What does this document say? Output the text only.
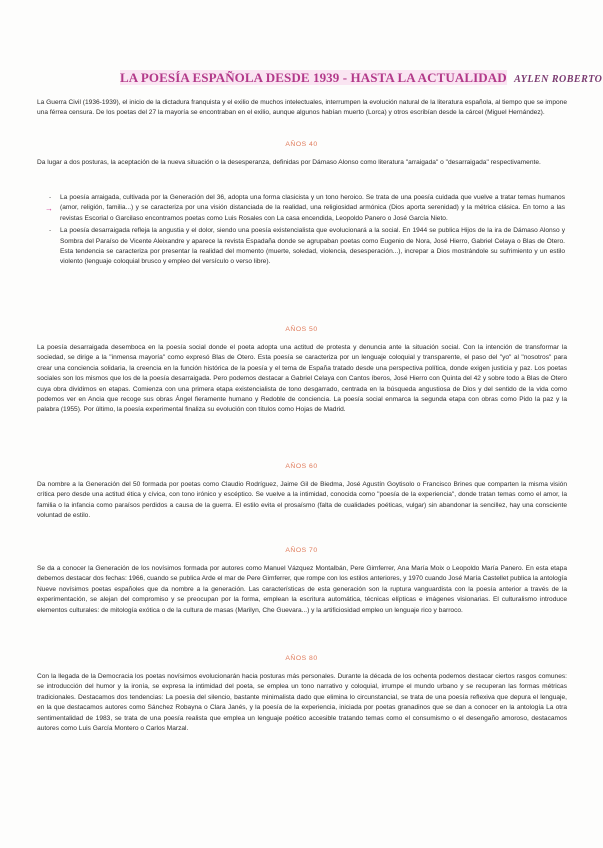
LA POESÍA ESPAÑOLA DESDE 1939 - HASTA LA ACTUALIDAD AYLEN ROBERTO
La Guerra Civil (1936-1939), el inicio de la dictadura franquista y el exilio de muchos intelectuales, interrumpen la evolución natural de la literatura española, al tiempo que se impone una férrea censura. De los poetas del 27 la mayoría se encontraban en el exilio, aunque algunos habían muerto (Lorca) y otros escribían desde la cárcel (Miguel Hernández).
AÑOS 40
Da lugar a dos posturas, la aceptación de la nueva situación o la desesperanza, definidas por Dámaso Alonso como literatura "arraigada" o "desarraigada" respectivamente.
→
- La poesía arraigada, cultivada por la Generación del 36, adopta una forma clasicista y un tono heroico. Se trata de una poesía cuidada que vuelve a tratar temas humanos (amor, religión, familia...) y se caracteriza por una visión distanciada de la realidad, una religiosidad armónica (Dios aporta serenidad) y la métrica clásica. En torno a las revistas Escorial o Garcilaso encontramos poetas como Luis Rosales con La casa encendida, Leopoldo Panero o José García Nieto.
- La poesía desarraigada refleja la angustia y el dolor, siendo una poesía existencialista que evolucionará a la social. En 1944 se publica Hijos de la ira de Dámaso Alonso y Sombra del Paraíso de Vicente Aleixandre y aparece la revista Espadaña donde se agrupaban poetas como Eugenio de Nora, José Hierro, Gabriel Celaya o Blas de Otero. Esta tendencia se caracteriza por presentar la realidad del momento (muerte, soledad, violencia, desesperación...), increpar a Dios mostrándole su sufrimiento y un estilo violento (lenguaje coloquial brusco y empleo del versículo o verso libre).
AÑOS 50
La poesía desarraigada desemboca en la poesía social donde el poeta adopta una actitud de protesta y denuncia ante la situación social. Con la intención de transformar la sociedad, se dirige a la "inmensa mayoría" como expresó Blas de Otero. Esta poesía se caracteriza por un lenguaje coloquial y transparente, el paso del "yo" al "nosotros" para crear una conciencia solidaria, la creencia en la función histórica de la poesía y el tema de España tratado desde una perspectiva política, donde exigen justicia y paz. Los poetas sociales son los mismos que los de la poesía desarraigada. Pero podemos destacar a Gabriel Celaya con Cantos íberos, José Hierro con Quinta del 42 y sobre todo a Blas de Otero cuya obra dividimos en etapas. Comienza con una primera etapa existencialista de tono desgarrado, centrada en la búsqueda angustiosa de Dios y del sentido de la vida como podemos ver en Ancia que recoge sus obras Ángel fieramente humano y Redoble de conciencia. La poesía social enmarca la segunda etapa con obras como Pido la paz y la palabra (1955). Por último, la poesía experimental finaliza su evolución con títulos como Hojas de Madrid.
AÑOS 60
Da nombre a la Generación del 50 formada por poetas como Claudio Rodríguez, Jaime Gil de Biedma, José Agustín Goytisolo o Francisco Brines que comparten la misma visión crítica pero desde una actitud ética y cívica, con tono irónico y escéptico. Se vuelve a la intimidad, conocida como "poesía de la experiencia", donde tratan temas como el amor, la familia o la infancia como paraísos perdidos a causa de la guerra. El estilo evita el prosaísmo (falta de cualidades poéticas, vulgar) sin abandonar la sencillez, hay una consciente voluntad de estilo.
AÑOS 70
Se da a conocer la Generación de los novísimos formada por autores como Manuel Vázquez Montalbán, Pere Gimferrer, Ana María Moix o Leopoldo María Panero. En esta etapa debemos destacar dos fechas: 1966, cuando se publica Arde el mar de Pere Gimferrer, que rompe con los estilos anteriores, y 1970 cuando José María Castellet publica la antología Nueve novísimos poetas españoles que da nombre a la generación. Las características de esta generación son la ruptura vanguardista con la poesía anterior a través de la experimentación, se alejan del compromiso y se preocupan por la forma, emplean la escritura automática, técnicas elípticas e imágenes visionarias. El culturalismo introduce elementos culturales: de mitología exótica o de la cultura de masas (Marilyn, Che Guevara...) y la artificiosidad empleo un lenguaje rico y barroco.
AÑOS 80
Con la llegada de la Democracia los poetas novísimos evolucionarán hacia posturas más personales. Durante la década de los ochenta podemos destacar ciertos rasgos comunes: se introducción del humor y la ironía, se expresa la intimidad del poeta, se emplea un tono narrativo y coloquial, irrumpe el mundo urbano y se recuperan las formas métricas tradicionales. Destacamos dos tendencias: La poesía del silencio, bastante minimalista dado que elimina lo circunstancial, se trata de una poesía reflexiva que depura el lenguaje, en la que destacamos autores como Sánchez Robayna o Clara Janés, y la poesía de la experiencia, iniciada por poetas granadinos que se dan a conocer en la antología La otra sentimentalidad de 1983, se trata de una poesía realista que emplea un lenguaje poético accesible tratando temas como el consumismo o el desengaño amoroso, destacamos autores como Luis García Montero o Carlos Marzal.
